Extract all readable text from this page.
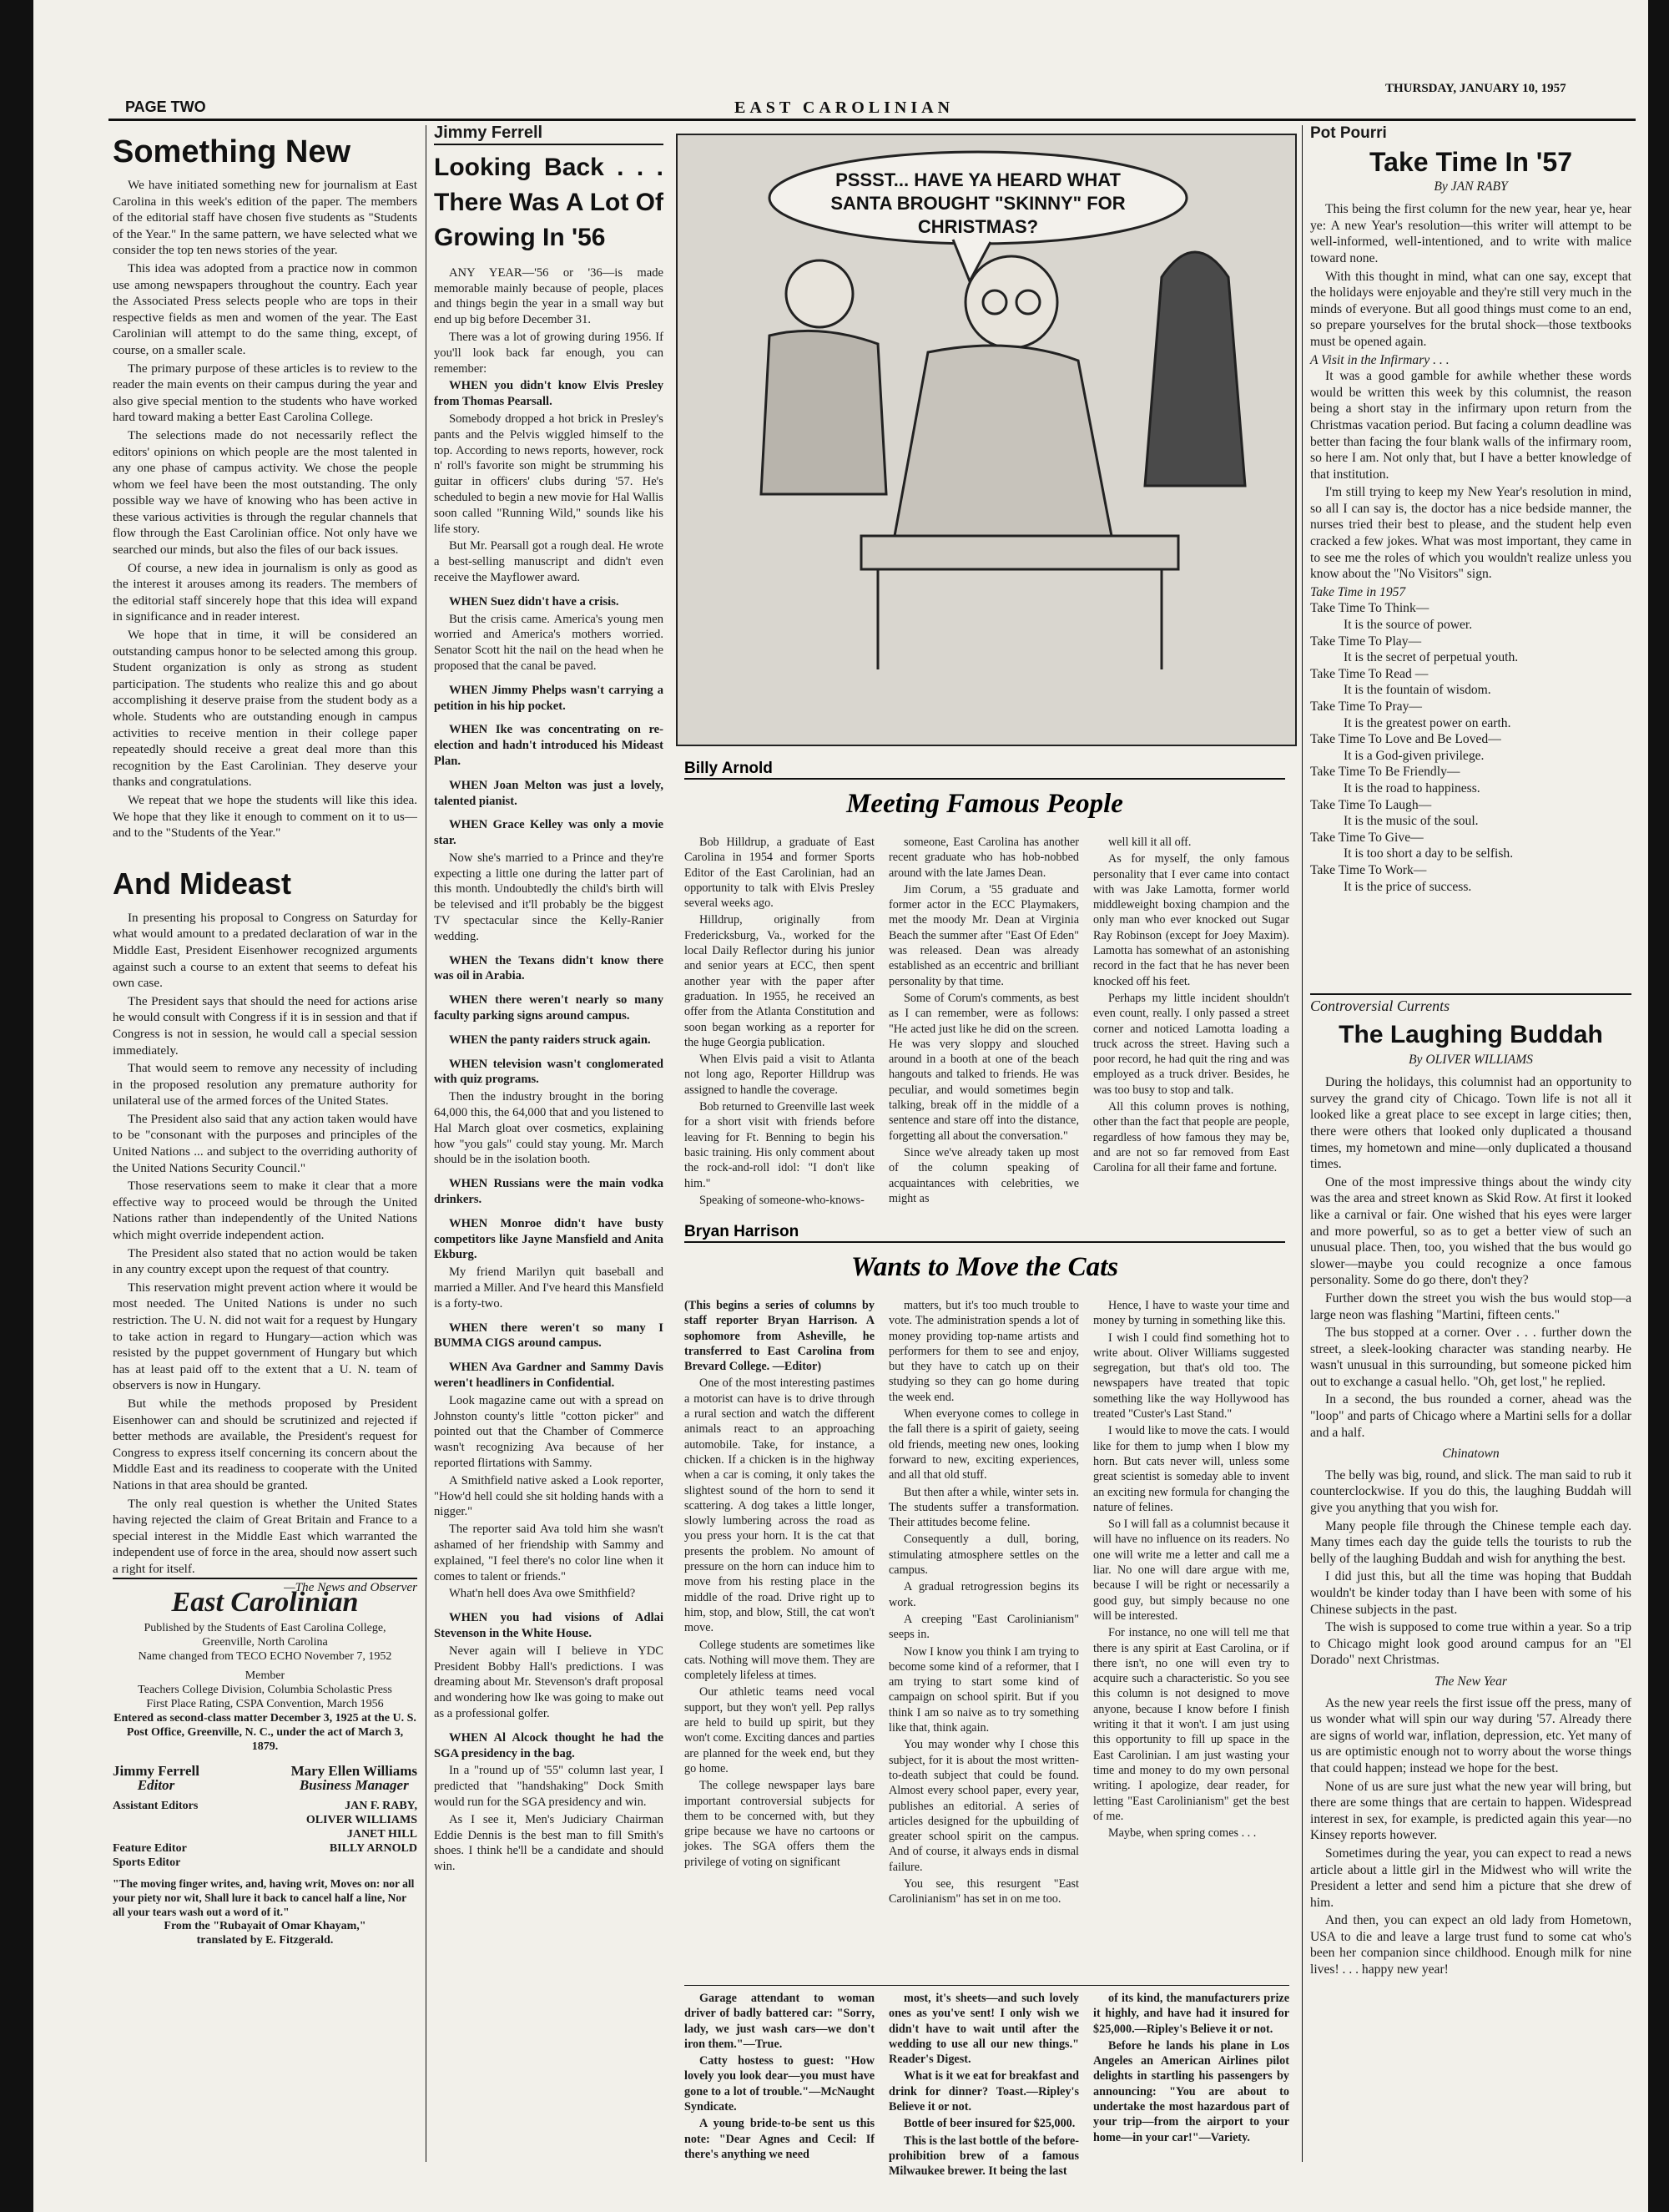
PAGE TWO	EAST CAROLINIAN
THURSDAY, JANUARY 10, 1957
Something New

We have initiated something new for journalism at East Carolina in this week's edition of the paper. The members of the editorial staff have chosen five students as "Students of the Year." In the same pattern, we have selected what we consider the top ten news stories of the year.

This idea was adopted from a practice now in common use among newspapers throughout the country. Each year the Associated Press selects people who are tops in their respective fields as men and women of the year. The East Carolinian will attempt to do the same thing, except, of course, on a smaller scale.

The primary purpose of these articles is to review to the reader the main events on their campus during the year and also give special mention to the students who have worked hard toward making a better East Carolina College.

The selections made do not necessarily reflect the editors' opinions on which people are the most talented in any one phase of campus activity. We chose the people whom we feel have been the most outstanding. The only possible way we have of knowing who has been active in these various activities is through the regular channels that flow through the East Carolinian office. Not only have we searched our minds, but also the files of our back issues.

Of course, a new idea in journalism is only as good as the interest it arouses among its readers. The members of the editorial staff sincerely hope that this idea will expand in significance and in reader interest.

We hope that in time, it will be considered an outstanding campus honor to be selected among this group. Student organization is only as strong as student participation. The students who realize this and go about accomplishing it deserve praise from the student body as a whole. Students who are outstanding enough in campus activities to receive mention in their college paper repeatedly should receive a great deal more than this recognition by the East Carolinian. They deserve your thanks and congratulations.

We repeat that we hope the students will like this idea. We hope that they like it enough to comment on it to us—and to the "Students of the Year."

And Mideast

In presenting his proposal to Congress on Saturday for what would amount to a predated declaration of war in the Middle East, President Eisenhower recognized arguments against such a course to an extent that seems to defeat his own case.

The President says that should the need for actions arise he would consult with Congress if it is in session and that if Congress is not in session, he would call a special session immediately.

That would seem to remove any necessity of including in the proposed resolution any premature authority for unilateral use of the armed forces of the United States.

The President also said that any action taken would have to be "consonant with the purposes and principles of the United Nations ... and subject to the overriding authority of the United Nations Security Council."

Those reservations seem to make it clear that a more effective way to proceed would be through the United Nations rather than independently of the United Nations which might override independent action.

The President also stated that no action would be taken in any country except upon the request of that country.

This reservation might prevent action where it would be most needed. The United Nations is under no such restriction. The U. N. did not wait for a request by Hungary to take action in regard to Hungary—action which was resisted by the puppet government of Hungary but which has at least paid off to the extent that a U. N. team of observers is now in Hungary.

But while the methods proposed by President Eisenhower can and should be scrutinized and rejected if better methods are available, the President's request for Congress to express itself concerning its concern about the Middle East and its readiness to cooperate with the United Nations in that area should be granted.

The only real question is whether the United States having rejected the claim of Great Britain and France to a special interest in the Middle East which warranted the independent use of force in the area, should now assert such a right for itself.

—The News and Observer
East Carolinian
Published by the Students of East Carolina College,
Greenville, North Carolina
Name changed from TECO ECHO November 7, 1952
Member
Teachers College Division, Columbia Scholastic Press
First Place Rating, CSPA Convention, March 1956
Entered as second-class matter December 3, 1925 at the U. S. Post Office, Greenville, N. C., under the act of March 3, 1879.
Jimmy Ferrell
Editor
Mary Ellen Williams
Business Manager
Assistant Editors	JAN F. RABY,
OLIVER WILLIAMS
JANET HILL
Feature Editor	BILLY ARNOLD
Sports Editor
"The moving finger writes, and, having writ, Moves on: nor all your piety nor wit, Shall lure it back to cancel half a line, Nor all your tears wash out a word of it."
From the "Rubayait of Omar Khayam,"
translated by E. Fitzgerald.
Jimmy Ferrell
Looking Back . . . There Was A Lot Of Growing In '56

ANY YEAR—'56 or '36—is made memorable mainly because of people, places and things begin the year in a small way but end up big before December 31.

There was a lot of growing during 1956. If you'll look back far enough, you can remember:

WHEN you didn't know Elvis Presley from Thomas Pearsall.

Somebody dropped a hot brick in Presley's pants and the Pelvis wiggled himself to the top. According to news reports, however, rock n' roll's favorite son might be strumming his guitar in officers' clubs during '57. He's scheduled to begin a new movie for Hal Wallis soon called "Running Wild," sounds like his life story.

But Mr. Pearsall got a rough deal. He wrote a best-selling manuscript and didn't even receive the Mayflower award.

WHEN Suez didn't have a crisis.

But the crisis came. America's young men worried and America's mothers worried. Senator Scott hit the nail on the head when he proposed that the canal be paved.

WHEN Jimmy Phelps wasn't carrying a petition in his hip pocket.

WHEN Ike was concentrating on re-election and hadn't introduced his Mideast Plan.

WHEN Joan Melton was just a lovely, talented pianist.

WHEN Grace Kelley was only a movie star.

Now she's married to a Prince and they're expecting a little one during the latter part of this month. Undoubtedly the child's birth will be televised and it'll probably be the biggest TV spectacular since the Kelly-Ranier wedding.

WHEN the Texans didn't know there was oil in Arabia.

WHEN there weren't nearly so many faculty parking signs around campus.

WHEN the panty raiders struck again.

WHEN television wasn't conglomerated with quiz programs.

Then the industry brought in the boring 64,000 this, the 64,000 that and you listened to Hal March gloat over cosmetics, explaining how "you gals" could stay young. Mr. March should be in the isolation booth.

WHEN Russians were the main vodka drinkers.

WHEN Monroe didn't have busty competitors like Jayne Mansfield and Anita Ekburg.

My friend Marilyn quit baseball and married a Miller. And I've heard this Mansfield is a forty-two.

WHEN there weren't so many I BUMMA CIGS around campus.

WHEN Ava Gardner and Sammy Davis weren't headliners in Confidential.

Look magazine came out with a spread on Johnston county's little "cotton picker" and pointed out that the Chamber of Commerce wasn't recognizing Ava because of her reported flirtations with Sammy.

A Smithfield native asked a Look reporter, "How'd hell could she sit holding hands with a nigger."

The reporter said Ava told him she wasn't ashamed of her friendship with Sammy and explained, "I feel there's no color line when it comes to talent or friends."

What'n hell does Ava owe Smithfield?

WHEN you had visions of Adlai Stevenson in the White House.

Never again will I believe in YDC President Bobby Hall's predictions. I was dreaming about Mr. Stevenson's draft proposal and wondering how Ike was going to make out as a professional golfer.

WHEN Al Alcock thought he had the SGA presidency in the bag.

In a "round up of '55" column last year, I predicted that "handshaking" Dock Smith would run for the SGA presidency and win.

As I see it, Men's Judiciary Chairman Eddie Dennis is the best man to fill Smith's shoes. I think he'll be a candidate and should win.

PSSST... HAVE YA HEARD WHAT SANTA BROUGHT "SKINNY" FOR CHRISTMAS?
Billy Arnold
Meeting Famous People

Bob Hilldrup, a graduate of East Carolina in 1954 and former Sports Editor of the East Carolinian, had an opportunity to talk with Elvis Presley several weeks ago.

Hilldrup, originally from Fredericksburg, Va., worked for the local Daily Reflector during his junior and senior years at ECC, then spent another year with the paper after graduation. In 1955, he received an offer from the Atlanta Constitution and soon began working as a reporter for the huge Georgia publication.

When Elvis paid a visit to Atlanta not long ago, Reporter Hilldrup was assigned to handle the coverage.

Bob returned to Greenville last week for a short visit with friends before leaving for Ft. Benning to begin his basic training. His only comment about the rock-and-roll idol: "I don't like him."

Speaking of someone-who-knows-

someone, East Carolina has another recent graduate who has hob-nobbed around with the late James Dean.

Jim Corum, a '55 graduate and former actor in the ECC Playmakers, met the moody Mr. Dean at Virginia Beach the summer after "East Of Eden" was released. Dean was already established as an eccentric and brilliant personality by that time.

Some of Corum's comments, as best as I can remember, were as follows: "He acted just like he did on the screen. He was very sloppy and slouched around in a booth at one of the beach hangouts and talked to friends. He was peculiar, and would sometimes begin talking, break off in the middle of a sentence and stare off into the distance, forgetting all about the conversation."

Since we've already taken up most of the column speaking of acquaintances with celebrities, we might as

well kill it all off.

As for myself, the only famous personality that I ever came into contact with was Jake Lamotta, former world middleweight boxing champion and the only man who ever knocked out Sugar Ray Robinson (except for Joey Maxim). Lamotta has somewhat of an astonishing record in the fact that he has never been knocked off his feet.

Perhaps my little incident shouldn't even count, really. I only passed a street corner and noticed Lamotta loading a truck across the street. Having such a poor record, he had quit the ring and was employed as a truck driver. Besides, he was too busy to stop and talk.

All this column proves is nothing, other than the fact that people are people, regardless of how famous they may be, and are not so far removed from East Carolina for all their fame and fortune.

Bryan Harrison
Wants to Move the Cats

(This begins a series of columns by staff reporter Bryan Harrison. A sophomore from Asheville, he transferred to East Carolina from Brevard College. —Editor)

One of the most interesting pastimes a motorist can have is to drive through a rural section and watch the different animals react to an approaching automobile. Take, for instance, a chicken. If a chicken is in the highway when a car is coming, it only takes the slightest sound of the horn to send it scattering. A dog takes a little longer, slowly lumbering across the road as you press your horn. It is the cat that presents the problem. No amount of pressure on the horn can induce him to move from his resting place in the middle of the road. Drive right up to him, stop, and blow, Still, the cat won't move.

College students are sometimes like cats. Nothing will move them. They are completely lifeless at times.

Our athletic teams need vocal support, but they won't yell. Pep rallys are held to build up spirit, but they won't come. Exciting dances and parties are planned for the week end, but they go home.

The college newspaper lays bare important controversial subjects for them to be concerned with, but they gripe because we have no cartoons or jokes. The SGA offers them the privilege of voting on significant

matters, but it's too much trouble to vote. The administration spends a lot of money providing top-name artists and performers for them to see and enjoy, but they have to catch up on their studying so they can go home during the week end.

When everyone comes to college in the fall there is a spirit of gaiety, seeing old friends, meeting new ones, looking forward to new, exciting experiences, and all that old stuff.

But then after a while, winter sets in. The students suffer a transformation. Their attitudes become feline.

Consequently a dull, boring, stimulating atmosphere settles on the campus.

A gradual retrogression begins its work.

A creeping "East Carolinianism" seeps in.

Now I know you think I am trying to become some kind of a reformer, that I am trying to start some kind of campaign on school spirit. But if you think I am so naive as to try something like that, think again.

You may wonder why I chose this subject, for it is about the most written-to-death subject that could be found. Almost every school paper, every year, publishes an editorial. A series of articles designed for the upbuilding of greater school spirit on the campus. And of course, it always ends in dismal failure.

You see, this resurgent "East Carolinianism" has set in on me too.

Hence, I have to waste your time and money by turning in something like this.

I wish I could find something hot to write about. Oliver Williams suggested segregation, but that's old too. The newspapers have treated that topic something like the way Hollywood has treated "Custer's Last Stand."

I would like to move the cats. I would like for them to jump when I blow my horn. But cats never will, unless some great scientist is someday able to invent an exciting new formula for changing the nature of felines.

So I will fall as a columnist because it will have no influence on its readers. No one will write me a letter and call me a liar. No one will dare argue with me, because I will be right or necessarily a good guy, but simply because no one will be interested.

For instance, no one will tell me that there is any spirit at East Carolina, or if there isn't, no one will even try to acquire such a characteristic. So you see this column is not designed to move anyone, because I know before I finish writing it that it won't. I am just using this opportunity to fill up space in the East Carolinian. I am just wasting your time and money to do my own personal writing. I apologize, dear reader, for letting "East Carolinianism" get the best of me.

Maybe, when spring comes . . .

Garage attendant to woman driver of badly battered car: "Sorry, lady, we just wash cars—we don't iron them."—True.

Catty hostess to guest: "How lovely you look dear—you must have gone to a lot of trouble."—McNaught Syndicate.

A young bride-to-be sent us this note: "Dear Agnes and Cecil: If there's anything we need

most, it's sheets—and such lovely ones as you've sent! I only wish we didn't have to wait until after the wedding to use all our new things." Reader's Digest.

What is it we eat for breakfast and drink for dinner? Toast.—Ripley's Believe it or not.

Bottle of beer insured for $25,000.

This is the last bottle of the before-prohibition brew of a famous Milwaukee brewer. It being the last

of its kind, the manufacturers prize it highly, and have had it insured for $25,000.—Ripley's Believe it or not.

Before he lands his plane in Los Angeles an American Airlines pilot delights in startling his passengers by announcing: "You are about to undertake the most hazardous part of your trip—from the airport to your home—in your car!"—Variety.

Pot Pourri
Take Time In '57
By JAN RABY

This being the first column for the new year, hear ye, hear ye: A new Year's resolution—this writer will attempt to be well-informed, well-intentioned, and to write with malice toward none.

With this thought in mind, what can one say, except that the holidays were enjoyable and they're still very much in the minds of everyone. But all good things must come to an end, so prepare yourselves for the brutal shock—those textbooks must be opened again.

A Visit in the Infirmary . . .

It was a good gamble for awhile whether these words would be written this week by this columnist, the reason being a short stay in the infirmary upon return from the Christmas vacation period. But facing a column deadline was better than facing the four blank walls of the infirmary room, so here I am. Not only that, but I have a better knowledge of that institution.

I'm still trying to keep my New Year's resolution in mind, so all I can say is, the doctor has a nice bedside manner, the nurses tried their best to please, and the student help even cracked a few jokes. What was most important, they came in to see me the roles of which you wouldn't realize unless you know about the "No Visitors" sign.

Take Time in 1957
Take Time To Think—
It is the source of power.
Take Time To Play—
It is the secret of perpetual youth.
Take Time To Read —
It is the fountain of wisdom.
Take Time To Pray—
It is the greatest power on earth.
Take Time To Love and Be Loved—
It is a God-given privilege.
Take Time To Be Friendly—
It is the road to happiness.
Take Time To Laugh—
It is the music of the soul.
Take Time To Give—
It is too short a day to be selfish.
Take Time To Work—
It is the price of success.
Controversial Currents
The Laughing Buddah
By OLIVER WILLIAMS

During the holidays, this columnist had an opportunity to survey the grand city of Chicago. Town life is not all it looked like a great place to see except in large cities; then, there were others that looked only duplicated a thousand times, my hometown and mine—only duplicated a thousand times.

One of the most impressive things about the windy city was the area and street known as Skid Row. At first it looked like a carnival or fair. One wished that his eyes were larger and more powerful, so as to get a better view of such an unusual place. Then, too, you wished that the bus would go slower—maybe you could recognize a once famous personality. Some do go there, don't they?

Further down the street you wish the bus would stop—a large neon was flashing "Martini, fifteen cents."

The bus stopped at a corner. Over . . . further down the street, a sleek-looking character was standing nearby. He wasn't unusual in this surrounding, but someone picked him out to exchange a casual hello. "Oh, get lost," he replied.

In a second, the bus rounded a corner, ahead was the "loop" and parts of Chicago where a Martini sells for a dollar and a half.

Chinatown

The belly was big, round, and slick. The man said to rub it counterclockwise. If you do this, the laughing Buddah will give you anything that you wish for.

Many people file through the Chinese temple each day. Many times each day the guide tells the tourists to rub the belly of the laughing Buddah and wish for anything the best.

I did just this, but all the time was hoping that Buddah wouldn't be kinder today than I have been with some of his Chinese subjects in the past.

The wish is supposed to come true within a year. So a trip to Chicago might look good around campus for an "El Dorado" next Christmas.

The New Year

As the new year reels the first issue off the press, many of us wonder what will spin our way during '57. Already there are signs of world war, inflation, depression, etc. Yet many of us are optimistic enough not to worry about the worse things that could happen; instead we hope for the best.

None of us are sure just what the new year will bring, but there are some things that are certain to happen. Widespread interest in sex, for example, is predicted again this year—no Kinsey reports however.

Sometimes during the year, you can expect to read a news article about a little girl in the Midwest who will write the President a letter and send him a picture that she drew of him.

And then, you can expect an old lady from Hometown, USA to die and leave a large trust fund to some cat who's been her companion since childhood. Enough milk for nine lives! . . . happy new year!
